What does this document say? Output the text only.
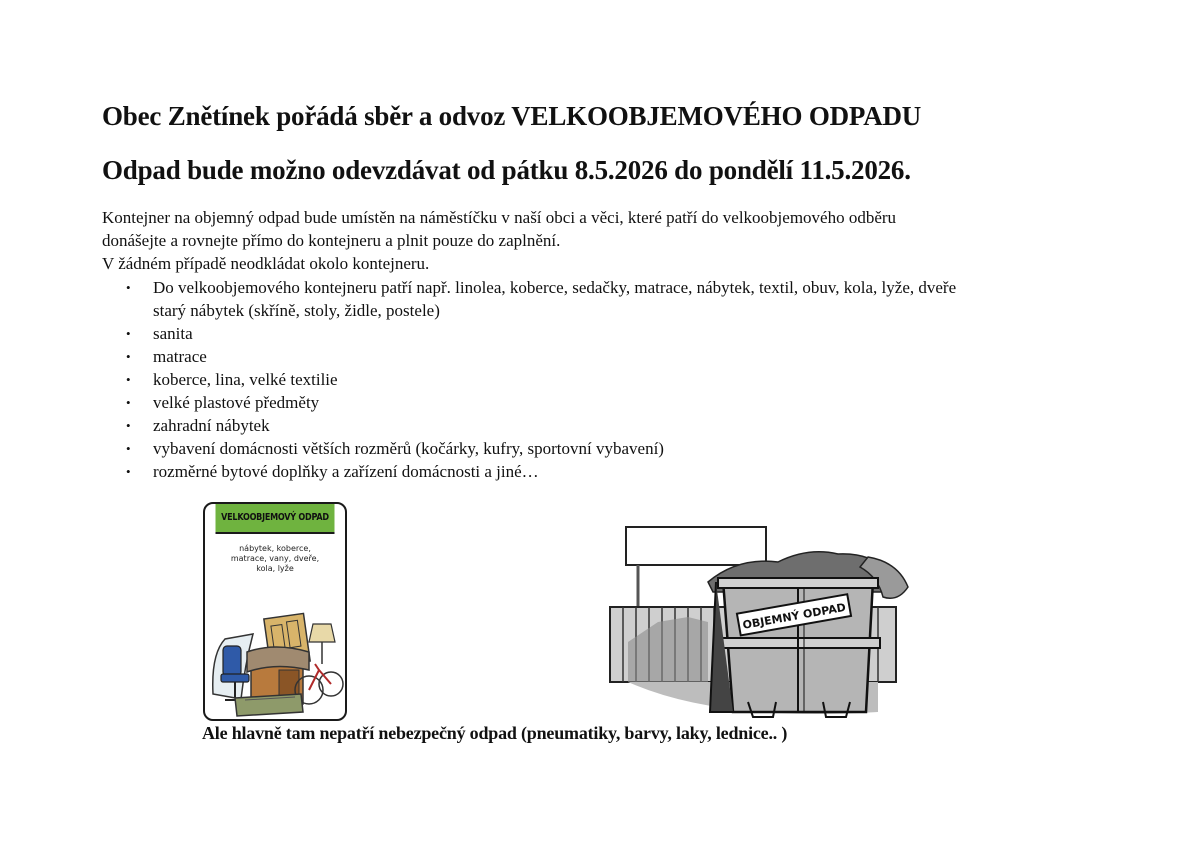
Obec Znětínek pořádá sběr a odvoz VELKOOBJEMOVÉHO ODPADU
Odpad bude možno odevzdávat od pátku 8.5.2026 do pondělí 11.5.2026.
Kontejner na objemný odpad bude umístěn na náměstíčku v naší obci a věci, které patří do velkoobjemového odběru
donášejte a rovnejte přímo do kontejneru a plnit pouze do zaplnění.
V žádném případě neodkládat okolo kontejneru.
• Do velkoobjemového kontejneru patří např. linolea, koberce, sedačky, matrace, nábytek, textil, obuv, kola, lyže, dveře
starý nábytek (skříně, stoly, židle, postele)
• sanita
• matrace
• koberce, lina, velké textilie
• velké plastové předměty
• zahradní nábytek
• vybavení domácnosti větších rozměrů (kočárky, kufry, sportovní vybavení)
• rozměrné bytové doplňky a zařízení domácnosti a jiné…
VELKOOBJEMOVÝ ODPAD
nábytek, koberce,
matrace, vany, dveře,
kola, lyže
OBJEMNÝ ODPAD
Ale hlavně tam nepatří nebezpečný odpad (pneumatiky, barvy, laky, lednice.. )
